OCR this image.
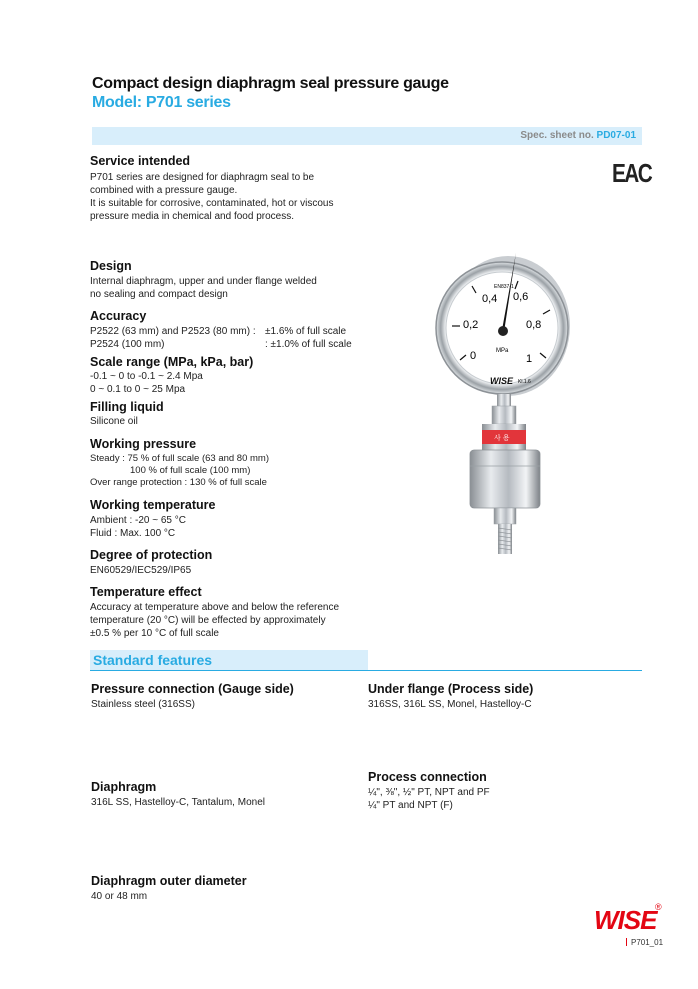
Compact design diaphragm seal pressure gauge
Model: P701 series
Spec. sheet no. PD07-01
EAC
Service intended
P701 series are designed for diaphragm seal to be
combined with a pressure gauge.
It is suitable for corrosive, contaminated, hot or viscous
pressure media in chemical and food process.
Design
Internal diaphragm, upper and under flange welded
no sealing and compact design
Accuracy
P2522 (63 mm) and P2523 (80 mm) : ±1.6% of full scale
P2524 (100 mm)	: ±1.0% of full scale
Scale range (MPa, kPa, bar)
-0.1 ~ 0 to -0.1 ~ 2.4 Mpa
0 ~ 0.1 to 0 ~ 25 Mpa
Filling liquid
Silicone oil
Working pressure
Steady : 75 % of full scale (63 and 80 mm)
100 % of full scale (100 mm)
Over range protection : 130 % of full scale
Working temperature
Ambient : -20 ~ 65 °C
Fluid : Max. 100 °C
Degree of protection
EN60529/IEC529/IP65
Temperature effect
Accuracy at temperature above and below the reference
temperature (20 °C) will be effected by approximately
±0.5 % per 10 °C of full scale
0
0,2
0,4 0,6
0,8
1
EN837-1
MPa
WISE Kl.1.6
사 용
Standard features
Pressure connection (Gauge side)
Stainless steel (316SS)
Under flange (Process side)
316SS, 316L SS, Monel, Hastelloy-C
Diaphragm
316L SS, Hastelloy-C, Tantalum, Monel
Process connection
¼", ⅜", ½" PT, NPT and PF
¼" PT and NPT (F)
Diaphragm outer diameter
40 or 48 mm
WISE
®
P701_01
